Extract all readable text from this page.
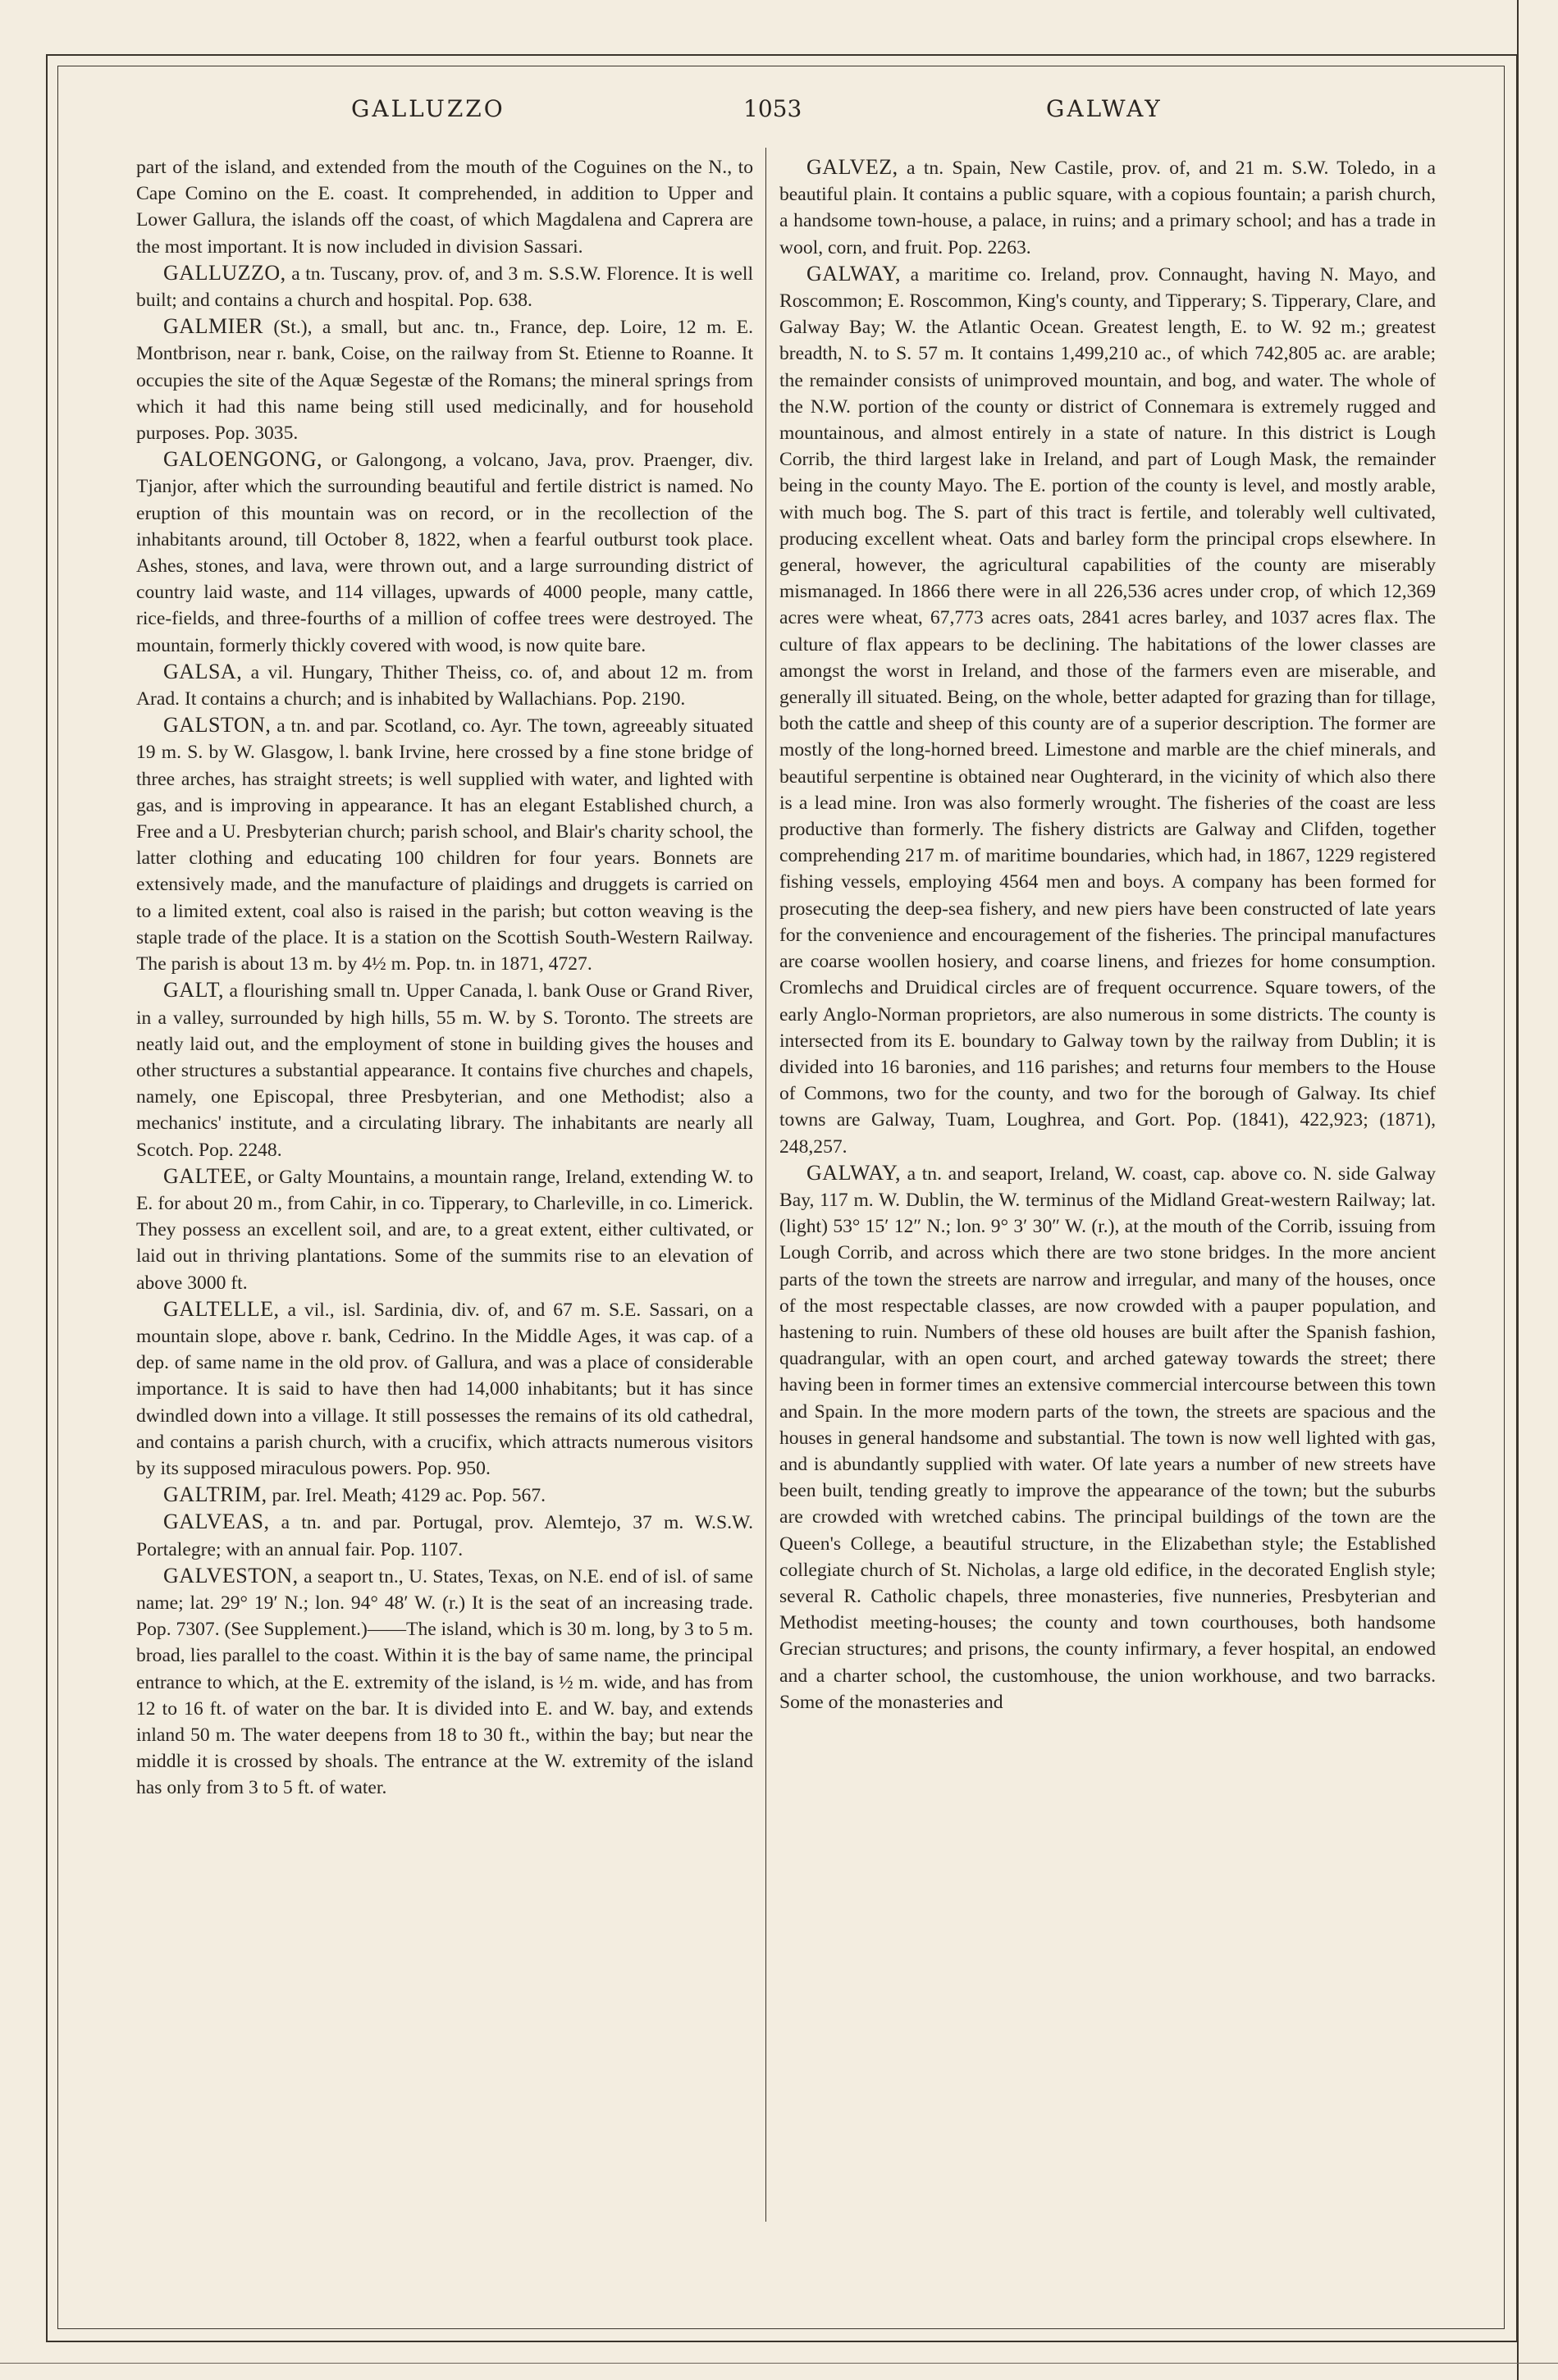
GALLUZZO	1053	GALWAY

part of the island, and extended from the mouth of the Coguines on the N., to Cape Comino on the E. coast. It comprehended, in addition to Upper and Lower Gallura, the islands off the coast, of which Magdalena and Caprera are the most important. It is now included in division Sassari.

GALLUZZO, a tn. Tuscany, prov. of, and 3 m. S.S.W. Florence. It is well built; and contains a church and hospital. Pop. 638.

GALMIER (St.), a small, but anc. tn., France, dep. Loire, 12 m. E. Montbrison, near r. bank, Coise, on the railway from St. Etienne to Roanne. It occupies the site of the Aquæ Segestæ of the Romans; the mineral springs from which it had this name being still used medicinally, and for household purposes. Pop. 3035.

GALOENGONG, or Galongong, a volcano, Java, prov. Praenger, div. Tjanjor, after which the surrounding beautiful and fertile district is named. No eruption of this mountain was on record, or in the recollection of the inhabitants around, till October 8, 1822, when a fearful outburst took place. Ashes, stones, and lava, were thrown out, and a large surrounding district of country laid waste, and 114 villages, upwards of 4000 people, many cattle, rice-fields, and three-fourths of a million of coffee trees were destroyed. The mountain, formerly thickly covered with wood, is now quite bare.

GALSA, a vil. Hungary, Thither Theiss, co. of, and about 12 m. from Arad. It contains a church; and is inhabited by Wallachians. Pop. 2190.

GALSTON, a tn. and par. Scotland, co. Ayr. The town, agreeably situated 19 m. S. by W. Glasgow, l. bank Irvine, here crossed by a fine stone bridge of three arches, has straight streets; is well supplied with water, and lighted with gas, and is improving in appearance. It has an elegant Established church, a Free and a U. Presbyterian church; parish school, and Blair's charity school, the latter clothing and educating 100 children for four years. Bonnets are extensively made, and the manufacture of plaidings and druggets is carried on to a limited extent, coal also is raised in the parish; but cotton weaving is the staple trade of the place. It is a station on the Scottish South-Western Railway. The parish is about 13 m. by 4½ m. Pop. tn. in 1871, 4727.

GALT, a flourishing small tn. Upper Canada, l. bank Ouse or Grand River, in a valley, surrounded by high hills, 55 m. W. by S. Toronto. The streets are neatly laid out, and the employment of stone in building gives the houses and other structures a substantial appearance. It contains five churches and chapels, namely, one Episcopal, three Presbyterian, and one Methodist; also a mechanics' institute, and a circulating library. The inhabitants are nearly all Scotch. Pop. 2248.

GALTEE, or Galty Mountains, a mountain range, Ireland, extending W. to E. for about 20 m., from Cahir, in co. Tipperary, to Charleville, in co. Limerick. They possess an excellent soil, and are, to a great extent, either cultivated, or laid out in thriving plantations. Some of the summits rise to an elevation of above 3000 ft.

GALTELLE, a vil., isl. Sardinia, div. of, and 67 m. S.E. Sassari, on a mountain slope, above r. bank, Cedrino. In the Middle Ages, it was cap. of a dep. of same name in the old prov. of Gallura, and was a place of considerable importance. It is said to have then had 14,000 inhabitants; but it has since dwindled down into a village. It still possesses the remains of its old cathedral, and contains a parish church, with a crucifix, which attracts numerous visitors by its supposed miraculous powers. Pop. 950.

GALTRIM, par. Irel. Meath; 4129 ac. Pop. 567.

GALVEAS, a tn. and par. Portugal, prov. Alemtejo, 37 m. W.S.W. Portalegre; with an annual fair. Pop. 1107.

GALVESTON, a seaport tn., U. States, Texas, on N.E. end of isl. of same name; lat. 29° 19′ N.; lon. 94° 48′ W. (r.) It is the seat of an increasing trade. Pop. 7307. (See Supplement.)——The island, which is 30 m. long, by 3 to 5 m. broad, lies parallel to the coast. Within it is the bay of same name, the principal entrance to which, at the E. extremity of the island, is ½ m. wide, and has from 12 to 16 ft. of water on the bar. It is divided into E. and W. bay, and extends inland 50 m. The water deepens from 18 to 30 ft., within the bay; but near the middle it is crossed by shoals. The entrance at the W. extremity of the island has only from 3 to 5 ft. of water.

GALVEZ, a tn. Spain, New Castile, prov. of, and 21 m. S.W. Toledo, in a beautiful plain. It contains a public square, with a copious fountain; a parish church, a handsome town-house, a palace, in ruins; and a primary school; and has a trade in wool, corn, and fruit. Pop. 2263.

GALWAY, a maritime co. Ireland, prov. Connaught, having N. Mayo, and Roscommon; E. Roscommon, King's county, and Tipperary; S. Tipperary, Clare, and Galway Bay; W. the Atlantic Ocean. Greatest length, E. to W. 92 m.; greatest breadth, N. to S. 57 m. It contains 1,499,210 ac., of which 742,805 ac. are arable; the remainder consists of unimproved mountain, and bog, and water. The whole of the N.W. portion of the county or district of Connemara is extremely rugged and mountainous, and almost entirely in a state of nature. In this district is Lough Corrib, the third largest lake in Ireland, and part of Lough Mask, the remainder being in the county Mayo. The E. portion of the county is level, and mostly arable, with much bog. The S. part of this tract is fertile, and tolerably well cultivated, producing excellent wheat. Oats and barley form the principal crops elsewhere. In general, however, the agricultural capabilities of the county are miserably mismanaged. In 1866 there were in all 226,536 acres under crop, of which 12,369 acres were wheat, 67,773 acres oats, 2841 acres barley, and 1037 acres flax. The culture of flax appears to be declining. The habitations of the lower classes are amongst the worst in Ireland, and those of the farmers even are miserable, and generally ill situated. Being, on the whole, better adapted for grazing than for tillage, both the cattle and sheep of this county are of a superior description. The former are mostly of the long-horned breed. Limestone and marble are the chief minerals, and beautiful serpentine is obtained near Oughterard, in the vicinity of which also there is a lead mine. Iron was also formerly wrought. The fisheries of the coast are less productive than formerly. The fishery districts are Galway and Clifden, together comprehending 217 m. of maritime boundaries, which had, in 1867, 1229 registered fishing vessels, employing 4564 men and boys. A company has been formed for prosecuting the deep-sea fishery, and new piers have been constructed of late years for the convenience and encouragement of the fisheries. The principal manufactures are coarse woollen hosiery, and coarse linens, and friezes for home consumption. Cromlechs and Druidical circles are of frequent occurrence. Square towers, of the early Anglo-Norman proprietors, are also numerous in some districts. The county is intersected from its E. boundary to Galway town by the railway from Dublin; it is divided into 16 baronies, and 116 parishes; and returns four members to the House of Commons, two for the county, and two for the borough of Galway. Its chief towns are Galway, Tuam, Loughrea, and Gort. Pop. (1841), 422,923; (1871), 248,257.

GALWAY, a tn. and seaport, Ireland, W. coast, cap. above co. N. side Galway Bay, 117 m. W. Dublin, the W. terminus of the Midland Great-western Railway; lat. (light) 53° 15′ 12″ N.; lon. 9° 3′ 30″ W. (r.), at the mouth of the Corrib, issuing from Lough Corrib, and across which there are two stone bridges. In the more ancient parts of the town the streets are narrow and irregular, and many of the houses, once of the most respectable classes, are now crowded with a pauper population, and hastening to ruin. Numbers of these old houses are built after the Spanish fashion, quadrangular, with an open court, and arched gateway towards the street; there having been in former times an extensive commercial intercourse between this town and Spain. In the more modern parts of the town, the streets are spacious and the houses in general handsome and substantial. The town is now well lighted with gas, and is abundantly supplied with water. Of late years a number of new streets have been built, tending greatly to improve the appearance of the town; but the suburbs are crowded with wretched cabins. The principal buildings of the town are the Queen's College, a beautiful structure, in the Elizabethan style; the Established collegiate church of St. Nicholas, a large old edifice, in the decorated English style; several R. Catholic chapels, three monasteries, five nunneries, Presbyterian and Methodist meeting-houses; the county and town courthouses, both handsome Grecian structures; and prisons, the county infirmary, a fever hospital, an endowed and a charter school, the customhouse, the union workhouse, and two barracks. Some of the monasteries and
